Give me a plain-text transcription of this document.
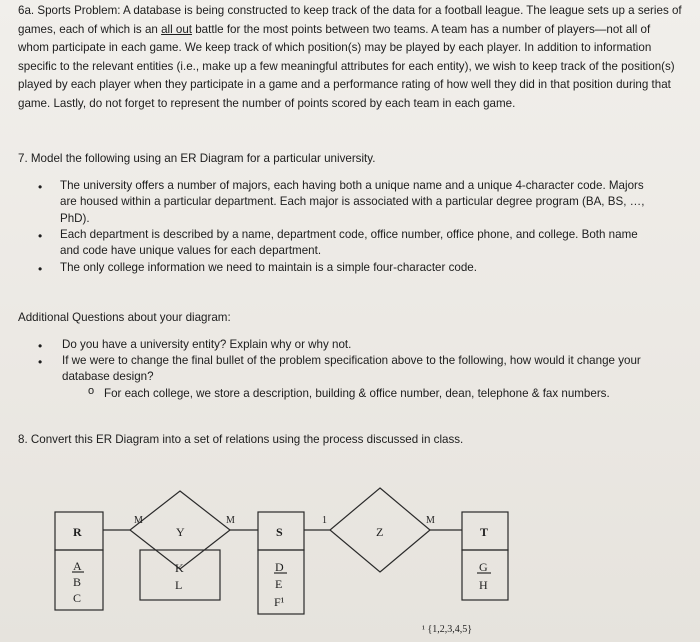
6a. Sports Problem: A database is being constructed to keep track of the data for a football league. The league sets up a series of games, each of which is an all out battle for the most points between two teams. A team has a number of players—not all of whom participate in each game. We keep track of which position(s) may be played by each player. In addition to information specific to the relevant entities (i.e., make up a few meaningful attributes for each entity), we wish to keep track of the position(s) played by each player when they participate in a game and a performance rating of how well they did in that position during that game. Lastly, do not forget to represent the number of points scored by each team in each game.

7. Model the following using an ER Diagram for a particular university.

• The university offers a number of majors, each having both a unique name and a unique 4-character code. Majors are housed within a particular department. Each major is associated with a particular degree program (BA, BS, …, PhD).
• Each department is described by a name, department code, office number, office phone, and college. Both name and code have unique values for each department.
• The only college information we need to maintain is a simple four-character code.

Additional Questions about your diagram:

• Do you have a university entity? Explain why or why not.
• If we were to change the final bullet of the problem specification above to the following, how would it change your database design?
o For each college, we store a description, building & office number, dean, telephone & fax numbers.

8. Convert this ER Diagram into a set of relations using the process discussed in class.

R	Y	S	Z	T
M	M	1	M
A
B
C
K
L
D
E
F¹
G
H
¹ {1,2,3,4,5}
